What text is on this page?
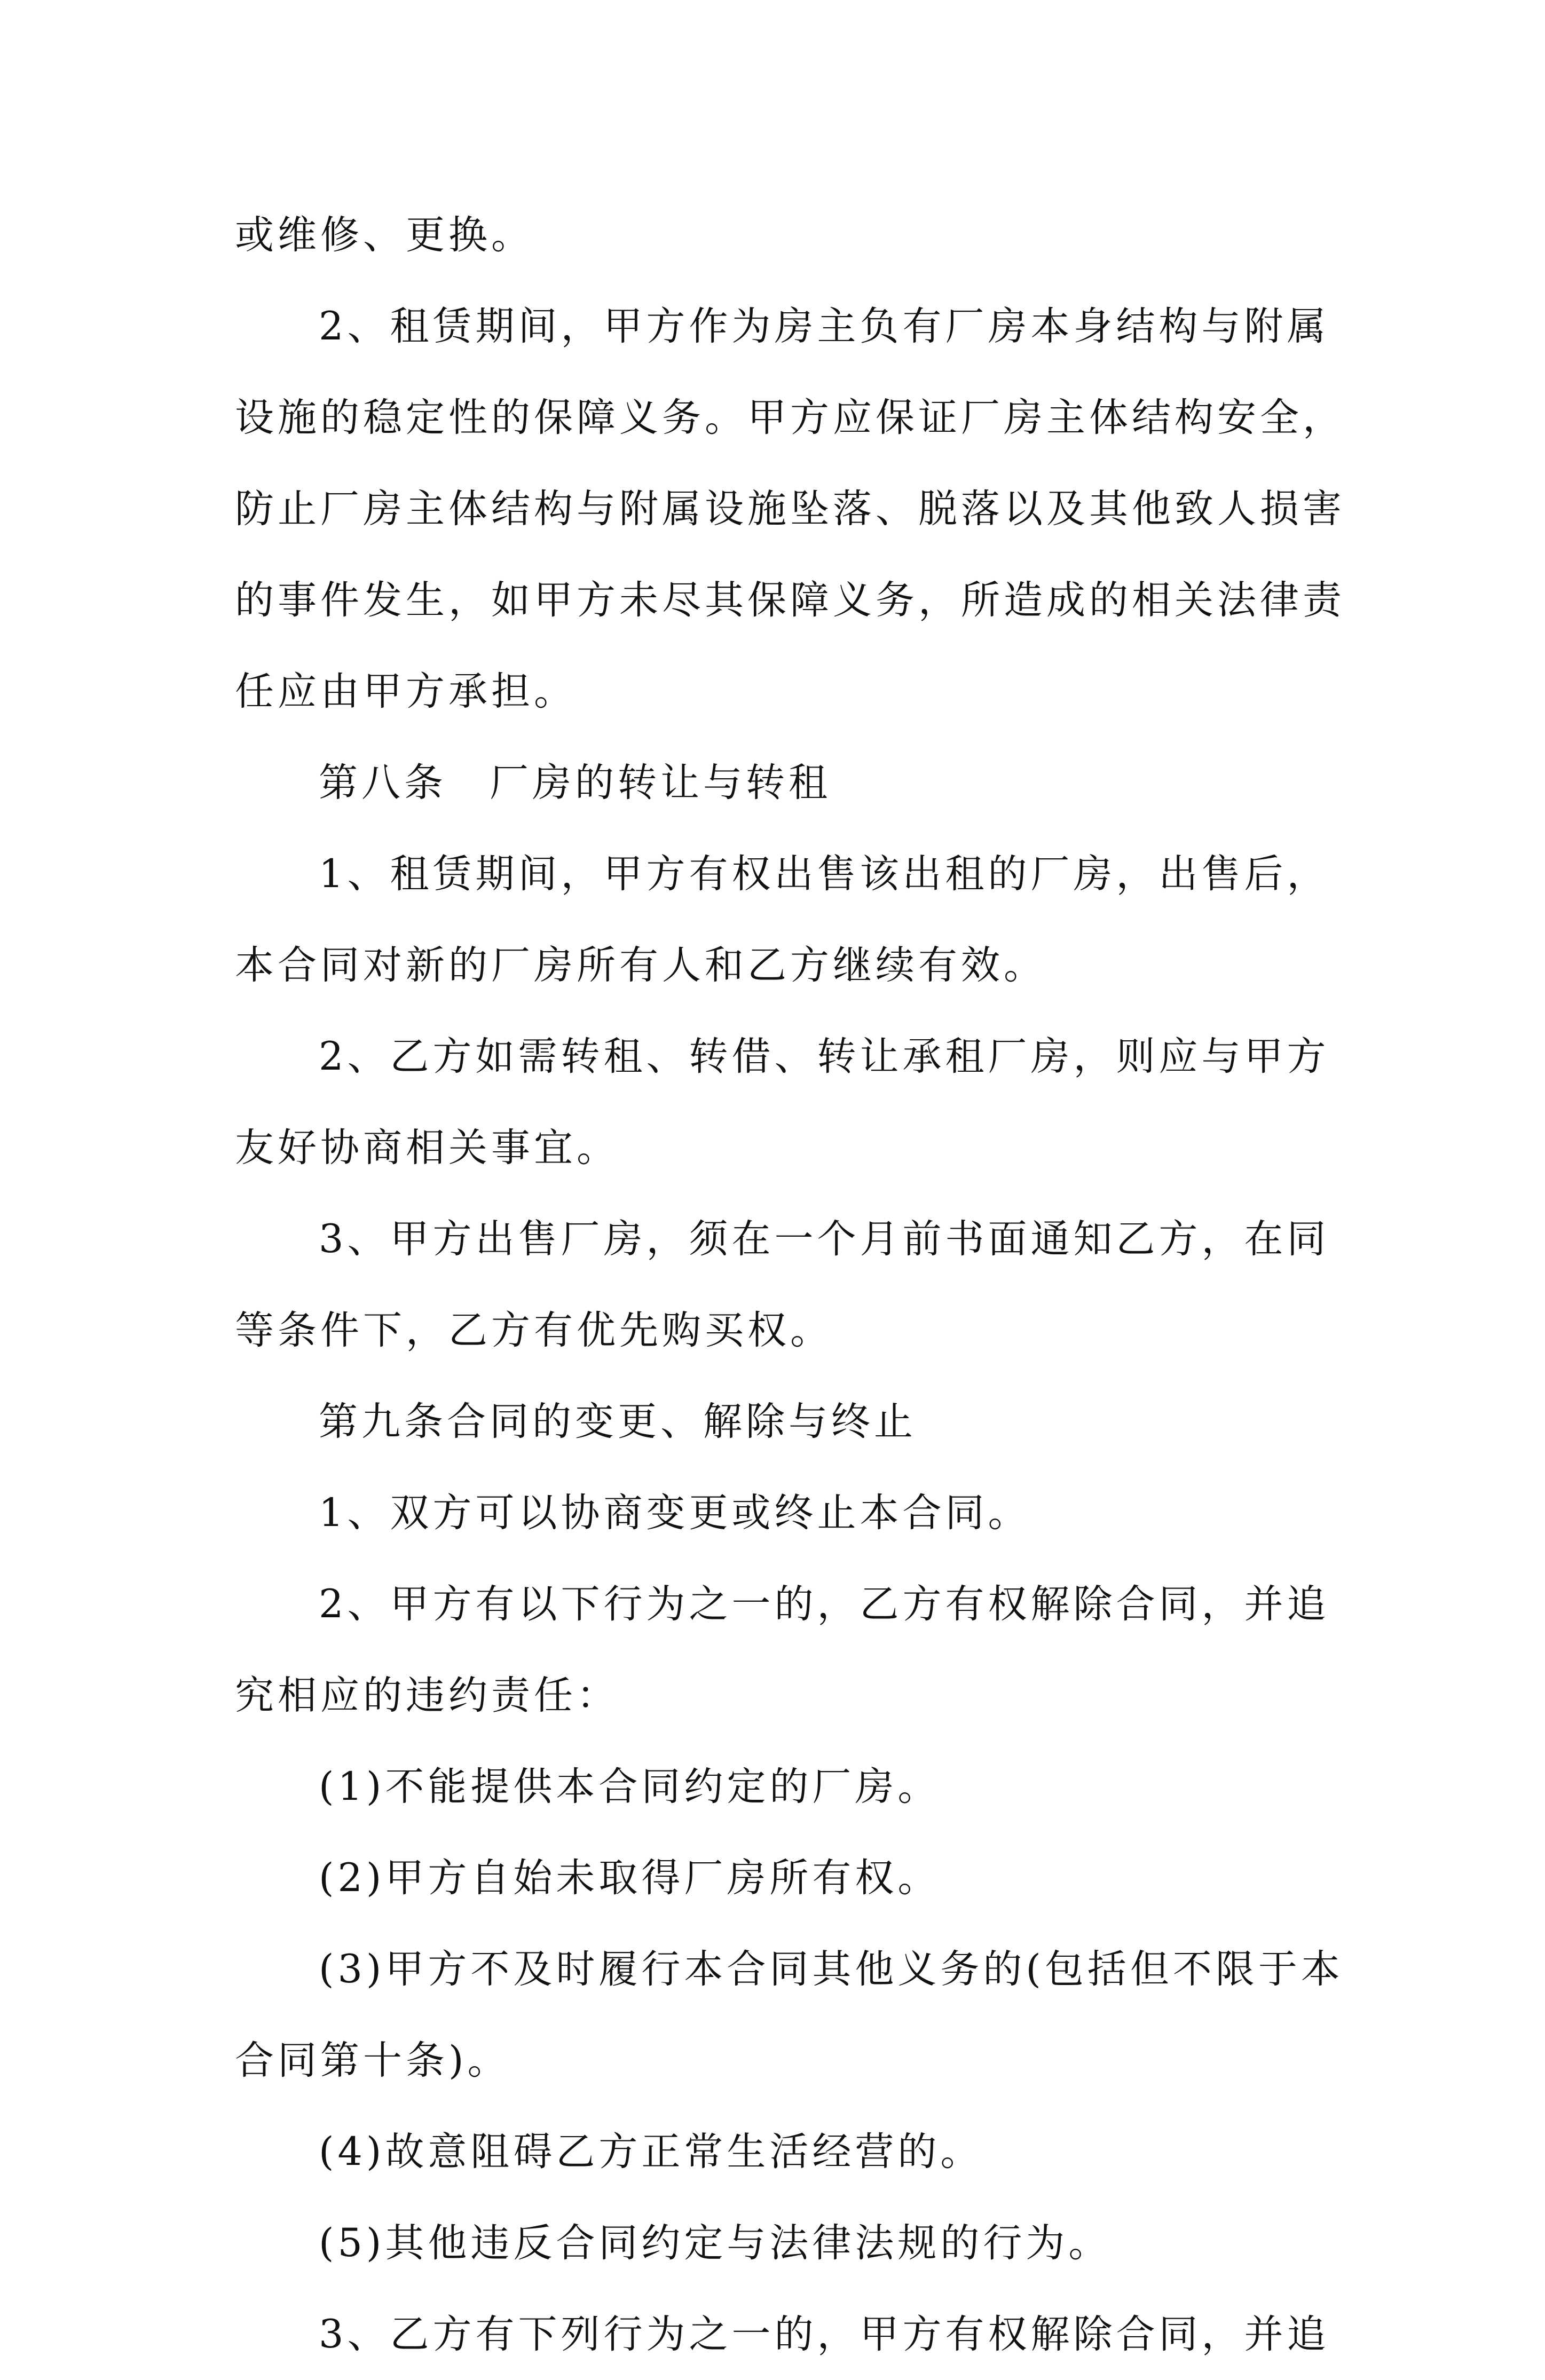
或维修、更换。
2、租赁期间，甲方作为房主负有厂房本身结构与附属
设施的稳定性的保障义务。甲方应保证厂房主体结构安全，
防止厂房主体结构与附属设施坠落、脱落以及其他致人损害
的事件发生，如甲方未尽其保障义务，所造成的相关法律责
任应由甲方承担。
第八条　厂房的转让与转租
1、租赁期间，甲方有权出售该出租的厂房，出售后，
本合同对新的厂房所有人和乙方继续有效。
2、乙方如需转租、转借、转让承租厂房，则应与甲方
友好协商相关事宜。
3、甲方出售厂房，须在一个月前书面通知乙方，在同
等条件下，乙方有优先购买权。
第九条合同的变更、解除与终止
1、双方可以协商变更或终止本合同。
2、甲方有以下行为之一的，乙方有权解除合同，并追
究相应的违约责任：
(1)不能提供本合同约定的厂房。
(2)甲方自始未取得厂房所有权。
(3)甲方不及时履行本合同其他义务的(包括但不限于本
合同第十条)。
(4)故意阻碍乙方正常生活经营的。
(5)其他违反合同约定与法律法规的行为。
3、乙方有下列行为之一的，甲方有权解除合同，并追
